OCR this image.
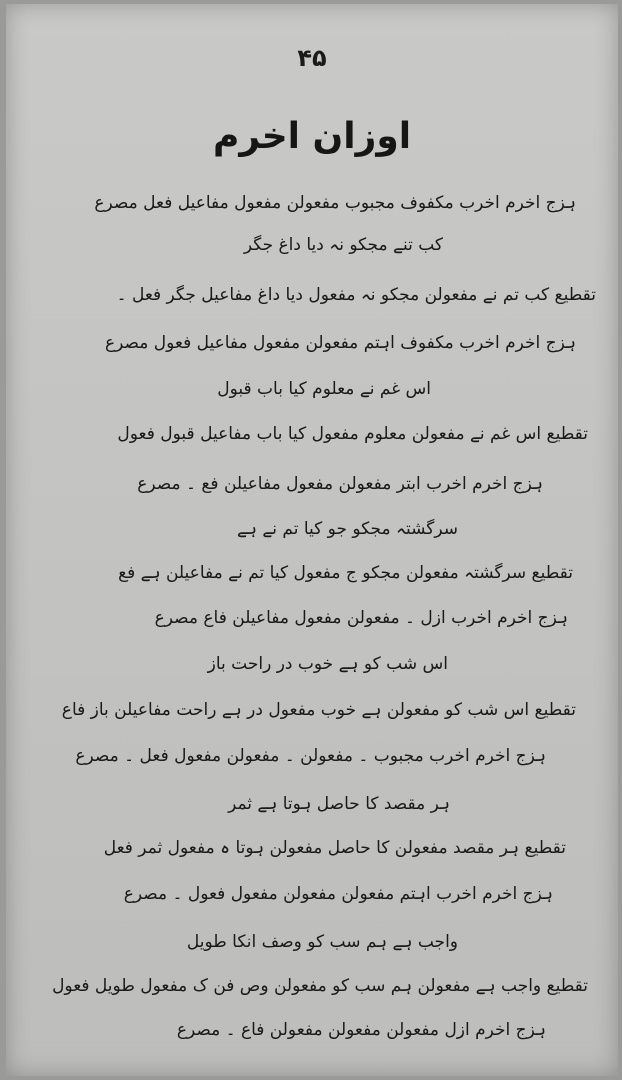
۴۵
اوزان اخرم
ہزج اخرم اخرب مکفوف مجبوب مفعولن مفعول مفاعیل فعل مصرع
کب تنے مجکو نہ دیا داغ جگر
تقطیع کب تم نے مفعولن مجکو نہ مفعول دیا داغ مفاعیل جگر فعل ۔
ہزج اخرم اخرب مکفوف اہتم مفعولن مفعول مفاعیل فعول مصرع
اس غم نے معلوم کیا باب قبول
تقطیع اس غم نے مفعولن معلوم مفعول کیا باب مفاعیل قبول فعول
ہزج اخرم اخرب ابتر مفعولن مفعول مفاعیلن فع ۔ مصرع
سرگشتہ مجکو جو کیا تم نے ہے
تقطیع سرگشتہ مفعولن مجکو ج مفعول کیا تم نے مفاعیلن ہے فع
ہزج اخرم اخرب ازل ۔ مفعولن مفعول مفاعیلن فاع مصرع
اس شب کو ہے خوب در راحت باز
تقطیع اس شب کو مفعولن ہے خوب مفعول در ہے راحت مفاعیلن باز فاع
ہزج اخرم اخرب مجبوب ۔ مفعولن ۔ مفعولن مفعول فعل ۔ مصرع
ہر مقصد کا حاصل ہوتا ہے ثمر
تقطیع ہر مقصد مفعولن کا حاصل مفعولن ہوتا ہ مفعول ثمر فعل
ہزج اخرم اخرب اہتم مفعولن مفعولن مفعول فعول ۔ مصرع
واجب ہے ہم سب کو وصف انکا طویل
تقطیع واجب ہے مفعولن ہم سب کو مفعولن وص فن ک مفعول طویل فعول
ہزج اخرم ازل مفعولن مفعولن مفعولن فاع ۔ مصرع
